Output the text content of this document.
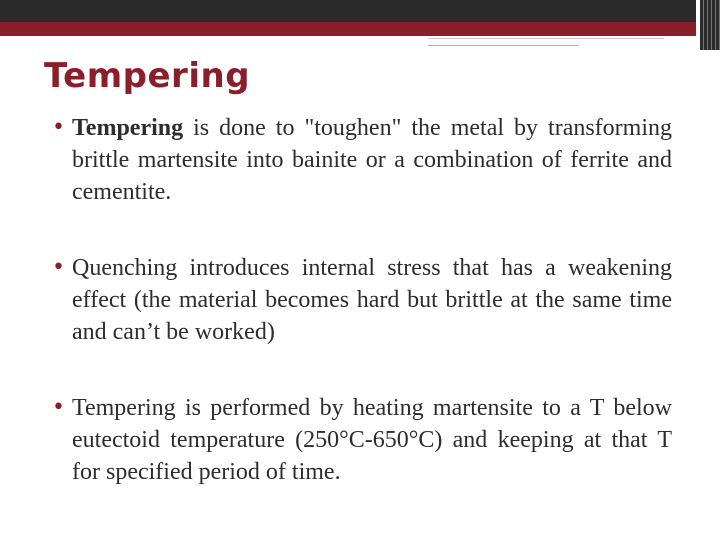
Tempering
• Tempering is done to "toughen" the metal by transforming brittle martensite into bainite or a combination of ferrite and cementite.
• Quenching introduces internal stress that has a weakening effect (the material becomes hard but brittle at the same time and can’t be worked)
• Tempering is performed by heating martensite to a T below eutectoid temperature (250°C-650°C) and keeping at that T for specified period of time.
